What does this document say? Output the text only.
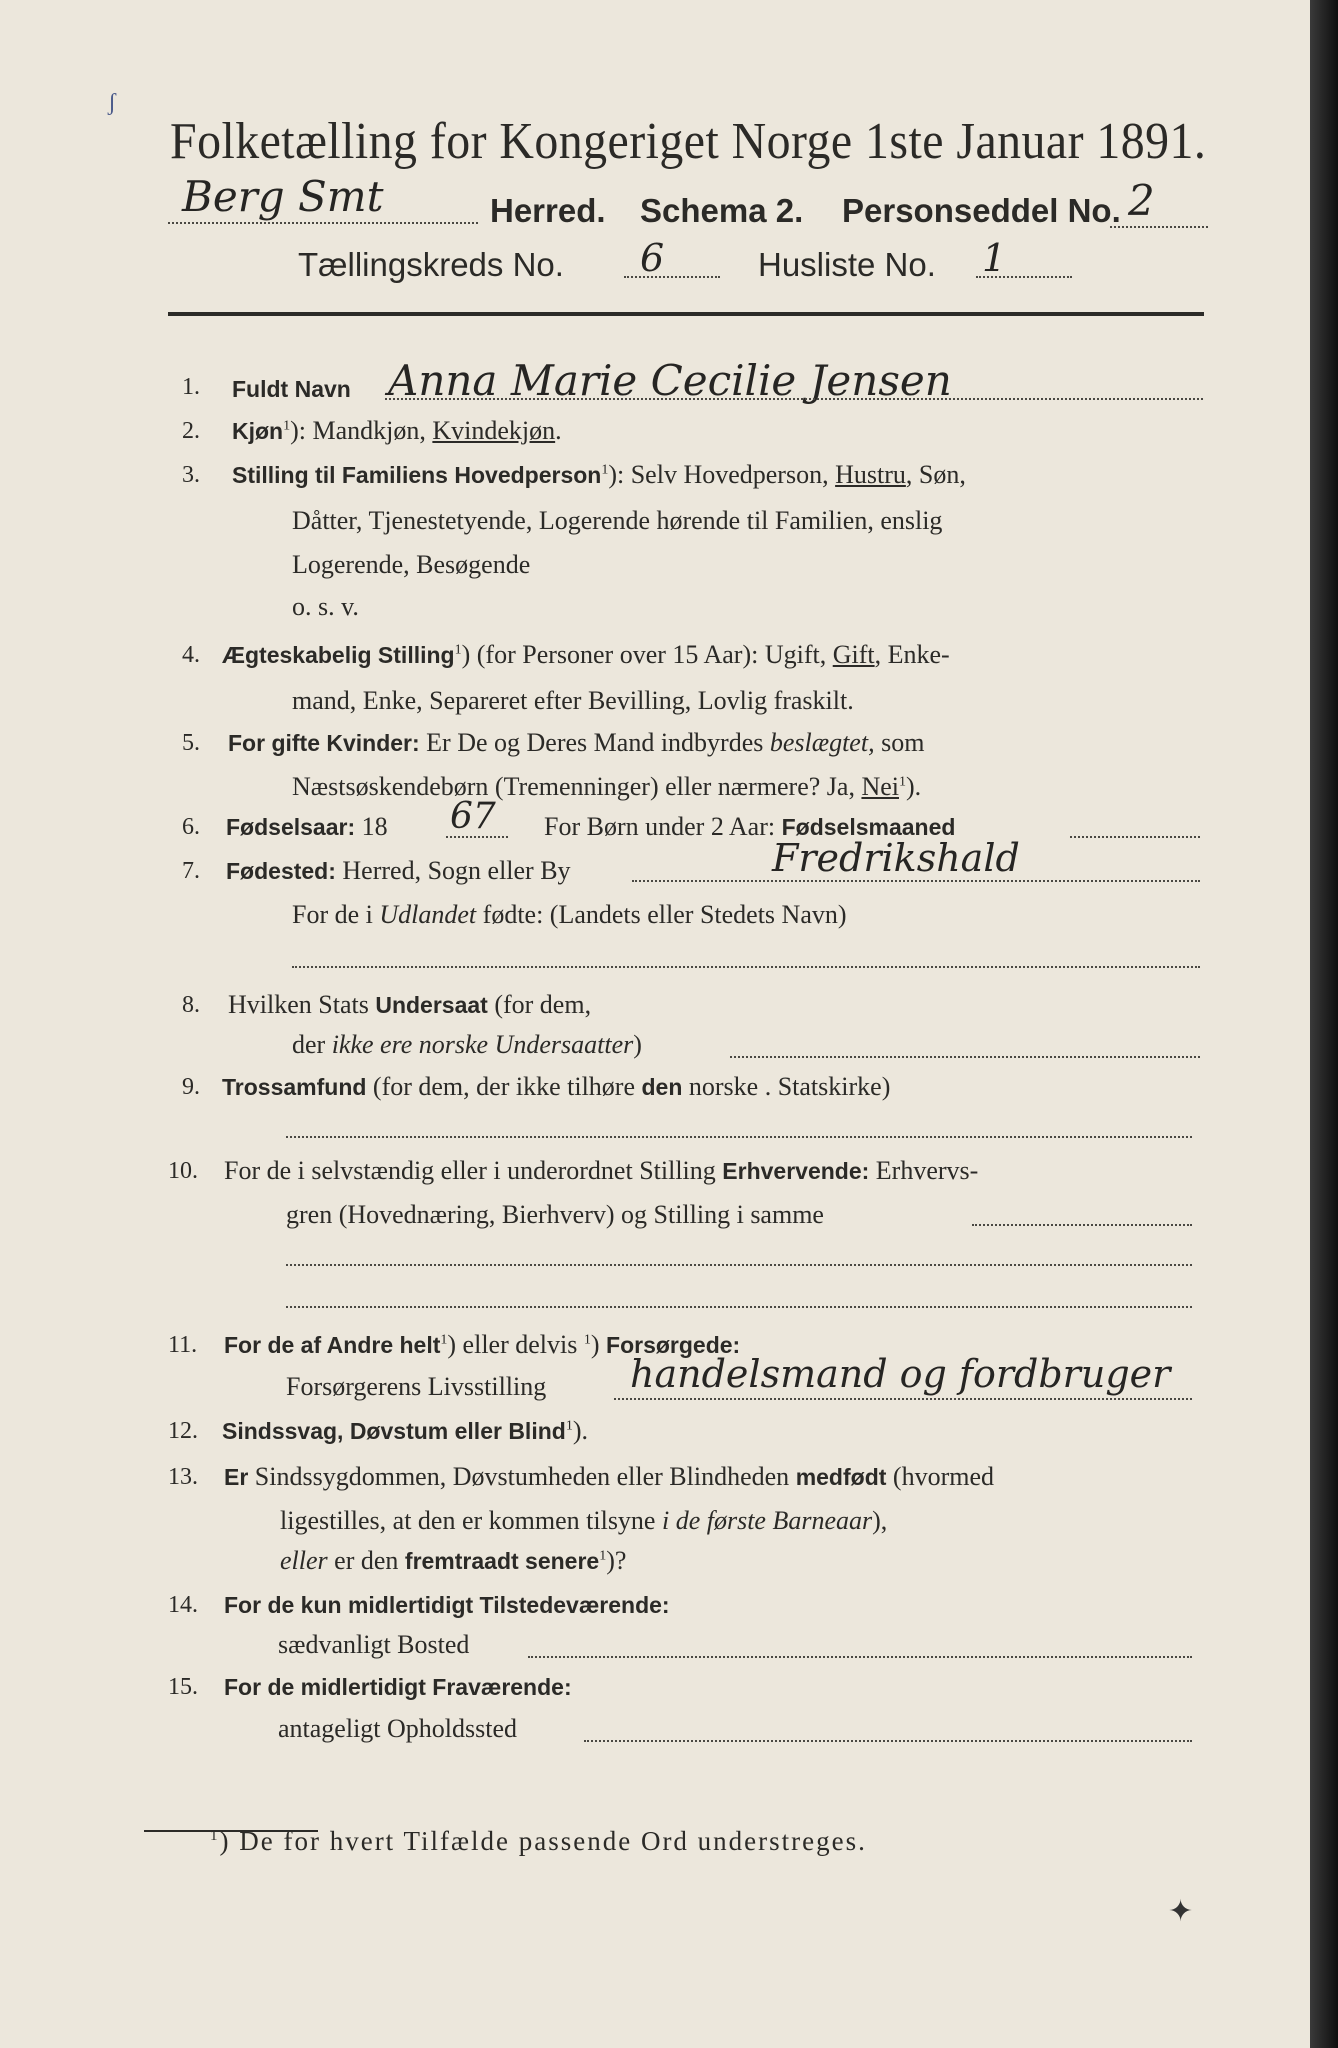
Folketælling for Kongeriget Norge 1ste Januar 1891.
Berg Smt	Herred. Schema 2. Personseddel No. 2
Tællingskreds No. 6	Husliste No. 1
1. Fuldt Navn Anna Marie Cecilie Jensen
2. Kjøn$^1$): Mandkjøn, Kvindekjøn.
3. Stilling til Familiens Hovedperson$^1$): Selv Hovedperson, Hustru, Søn,
Dåtter, Tjenestetyende, Logerende hørende til Familien, enslig
Logerende, Besøgende
o. s. v.
4. Ægteskabelig Stilling$^1$) (for Personer over 15 Aar): Ugift, Gift, Enke-
mand, Enke, Separeret efter Bevilling, Lovlig fraskilt.
5. For gifte Kvinder: Er De og Deres Mand indbyrdes beslægtet, som
Næstsøskendebørn (Tremenninger) eller nærmere? Ja, Nei$^1$).
6. Fødselsaar: 18 67 For Børn under 2 Aar: Fødselsmaaned
7. Fødested: Herred, Sogn eller By	Fredrikshald
For de i Udlandet fødte: (Landets eller Stedets Navn)
8. Hvilken Stats Undersaat (for dem,
der ikke ere norske Undersaatter)
9. Trossamfund (for dem, der ikke tilhøre den norske . Statskirke)
10. For de i selvstændig eller i underordnet Stilling Erhvervende: Erhvervs-
gren (Hovednæring, Bierhverv) og Stilling i samme
11. For de af Andre helt$^1$) eller delvis $^1$) Forsørgede:
Forsørgerens Livsstilling handelsmand og fordbruger
12. Sindssvag, Døvstum eller Blind$^1$).
13. Er Sindssygdommen, Døvstumheden eller Blindheden medfødt (hvormed
ligestilles, at den er kommen tilsyne i de første Barneaar),
eller er den fremtraadt senere$^1$)?
14. For de kun midlertidigt Tilstedeværende:
sædvanligt Bosted
15. For de midlertidigt Fraværende:
antageligt Opholdssted
$^1$) De for hvert Tilfælde passende Ord understreges.
ʃ
✦
